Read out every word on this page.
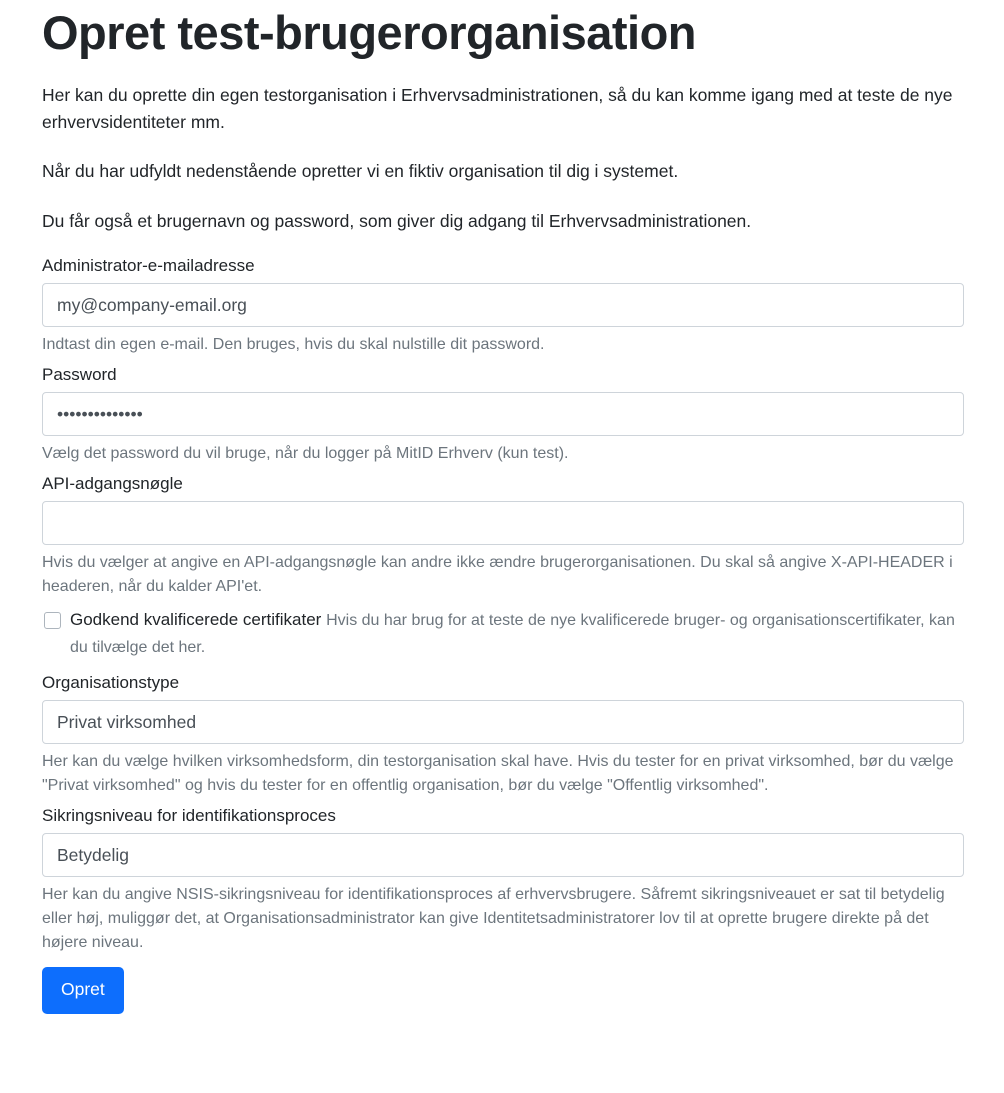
Opret test-brugerorganisation

Her kan du oprette din egen testorganisation i Erhvervsadministrationen, så du kan komme igang med at teste de nye erhvervsidentiteter mm.

Når du har udfyldt nedenstående opretter vi en fiktiv organisation til dig i systemet.

Du får også et brugernavn og password, som giver dig adgang til Erhvervsadministrationen.

Administrator-e-mailadresse
my@company-email.org

Indtast din egen e-mail. Den bruges, hvis du skal nulstille dit password.

Password
••••••••••••••

Vælg det password du vil bruge, når du logger på MitID Erhverv (kun test).

API-adgangsnøgle

Hvis du vælger at angive en API-adgangsnøgle kan andre ikke ændre brugerorganisationen. Du skal så angive X-API-HEADER i headeren, når du kalder API'et.

Godkend kvalificerede certifikater Hvis du har brug for at teste de nye kvalificerede bruger- og organisationscertifikater, kan du tilvælge det her.
Organisationstype
Privat virksomhed

Her kan du vælge hvilken virksomhedsform, din testorganisation skal have. Hvis du tester for en privat virksomhed, bør du vælge "Privat virksomhed" og hvis du tester for en offentlig organisation, bør du vælge "Offentlig virksomhed".

Sikringsniveau for identifikationsproces
Betydelig

Her kan du angive NSIS-sikringsniveau for identifikationsproces af erhvervsbrugere. Såfremt sikringsniveauet er sat til betydelig eller høj, muliggør det, at Organisationsadministrator kan give Identitetsadministratorer lov til at oprette brugere direkte på det højere niveau.

Opret
